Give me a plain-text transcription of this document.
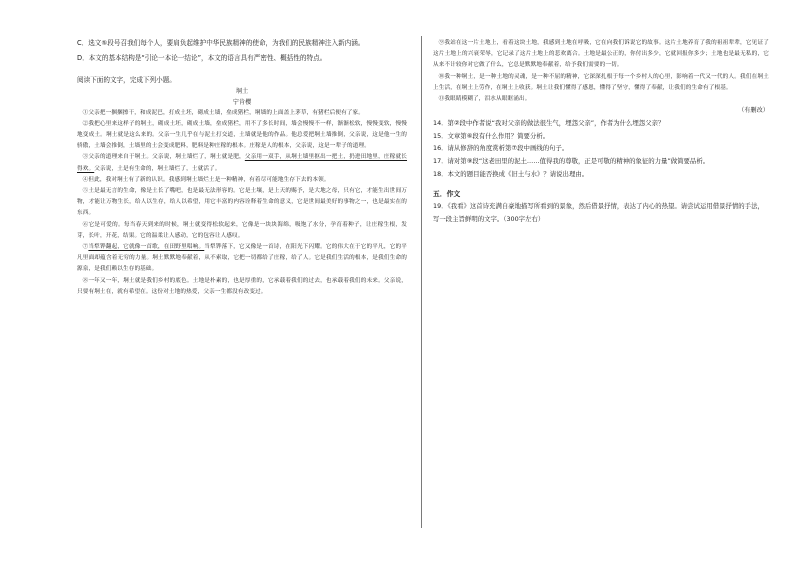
C．选文⑤段号召我们每个人，要肩负起维护中华民族精神的使命，为我们的民族精神注入新内涵。

D．本文的基本结构是“引论一本论一结论”，本文的语言具有严密性、概括性的特点。

阅读下面的文字，完成下列小题。

垌土

宁肯樱

①父亲把一捆捆擦干，和成泥巴，打成土坯，砌成土墙，垒成猪栏，垌墙的上面盖上茅草，有猪栏后便有了家。

②我把心里来这样子的垌土，砌成土坯，砌成土墙，垒成猪栏，用不了多长时间，墙会慢慢不一样，渐渐松软，慢慢变软，慢慢地变成土。垌土就是这么来的。父亲一生几乎在与泥土打交道，土墙就是他的作品。他总爱把垌土墙推倒，父亲说，这是他一生的骄傲，土墙会推倒，土墙里的土会变成肥料，肥料是种庄稼的根本。庄稼是人的根本，父亲说，这是一辈子的道理。

③父亲的道理来自于垌土。父亲说，垌土墙烂了，垌土就是肥，父亲用一双手，从垌土墙里抠出一把土，扔进田地里，庄稼就长得欢。父亲说，土是有生命的，垌土墙烂了，土就活了。

④但此，我对垌土有了新的认识。我感到垌土墙烂土是一种精神，有着尽可能地生存下去的本领。

⑤土是最无言的生命，像是土长了嘴吧，也是最无法形容的。它是土壤，是上天的赐予，是大地之母，只有它，才能生出世间万物，才能让万物生长，给人以生存，给人以希望，用它丰富的内容诠释着生命的意义，它是世间最美好的事物之一，也是最实在的东西。

⑥它是可爱的。每当春天到来的时候，垌土就变得松软起来，它像是一块块海绵，吸饱了水分，孕育着种子，让庄稼生根，发芽，长叶，开花，结果。它的温柔让人感动，它的包容让人感叹。

⑦当犁铧翻起，它就像一首歌，在田野里唱响。当犁铧落下，它又像是一首诗，在阳光下闪耀。它的伟大在于它的平凡，它的平凡里面却蕴含着无穷的力量。垌土默默地奉献着，从不索取，它把一切都给了庄稼，给了人。它是我们生活的根本，是我们生命的源泉，是我们赖以生存的基础。

⑧一年又一年，垌土就是我们乡村的底色。土地是朴素的，也是厚重的，它承载着我们的过去，也承载着我们的未来。父亲说，只要有垌土在，就有希望在。这份对土地的热爱，父亲一生都没有改变过。

⑨我站在这一片土地上，看着这块土地，我感到土地在呼吸，它在向我们诉说它的故事。这片土地养育了我的祖祖辈辈，它见证了这片土地上的兴衰荣辱，它记录了这片土地上的悲欢离合。土地是最公正的，你付出多少，它就回报你多少；土地也是最无私的，它从来不计较你对它做了什么，它总是默默地奉献着，给予我们需要的一切。

⑩我一种垌土，是一种土地的灵魂，是一种不屈的精神，它深深扎根于每一个乡村人的心里，影响着一代又一代的人。我们在垌土上生活，在垌土上劳作，在垌土上收获。垌土让我们懂得了感恩，懂得了坚守，懂得了奉献，让我们的生命有了根基。

⑪我眼睛模糊了，泪水从眼眶涌出。

（有删改）

14．第②段中作者说“我对父亲的做法很生气，埋怨父亲”，作者为什么埋怨父亲？

15．文章第⑥段有什么作用？简要分析。

16．请从修辞的角度赏析第⑦段中画线的句子。

17．请对第⑨段“这老田里的泥土……值得我的尊敬，正是可敬的精神的象征的力量”做简要品析。

18．本文的题目能否换成《旧土与水》？请说出理由。

五．作文

19．《我看》这首诗充满自豪地描写所看到的景象，然后借景抒情，表达了内心的热望。请尝试运用借景抒情的手法，写一段主旨鲜明的文字。（300字左右）
